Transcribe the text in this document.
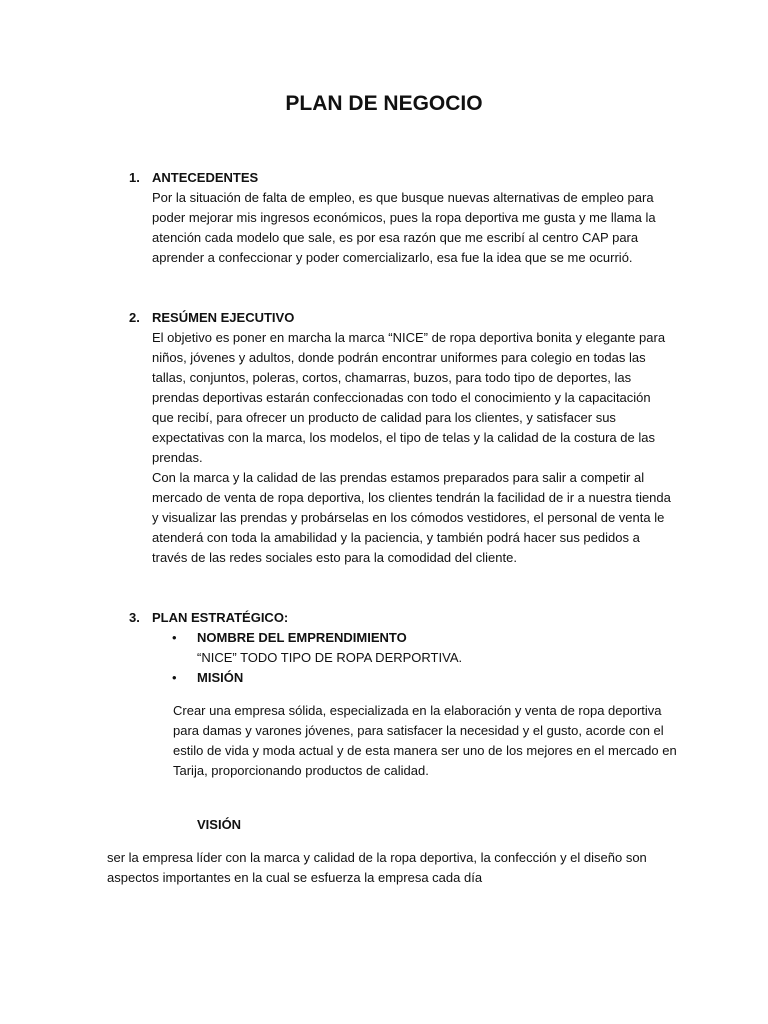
PLAN DE NEGOCIO
1. ANTECEDENTES
Por la situación de falta de empleo, es que busque nuevas alternativas de empleo para
poder mejorar mis ingresos económicos, pues la ropa deportiva me gusta y me llama la
atención cada modelo que sale, es por esa razón que me escribí al centro CAP para
aprender a confeccionar y poder comercializarlo, esa fue la idea que se me ocurrió.
2. RESÚMEN EJECUTIVO
El objetivo es poner en marcha la marca “NICE” de ropa deportiva bonita y elegante para
niños, jóvenes y adultos, donde podrán encontrar uniformes para colegio en todas las
tallas, conjuntos, poleras, cortos, chamarras, buzos, para todo tipo de deportes, las
prendas deportivas estarán confeccionadas con todo el conocimiento y la capacitación
que recibí, para ofrecer un producto de calidad para los clientes, y satisfacer sus
expectativas con la marca, los modelos, el tipo de telas y la calidad de la costura de las
prendas.
Con la marca y la calidad de las prendas estamos preparados para salir a competir al
mercado de venta de ropa deportiva, los clientes tendrán la facilidad de ir a nuestra tienda
y visualizar las prendas y probárselas en los cómodos vestidores, el personal de venta le
atenderá con toda la amabilidad y la paciencia, y también podrá hacer sus pedidos a
través de las redes sociales esto para la comodidad del cliente.
3. PLAN ESTRATÉGICO:
• NOMBRE DEL EMPRENDIMIENTO
“NICE” TODO TIPO DE ROPA DERPORTIVA.
• MISIÓN
Crear una empresa sólida, especializada en la elaboración y venta de ropa deportiva
para damas y varones jóvenes, para satisfacer la necesidad y el gusto, acorde con el
estilo de vida y moda actual y de esta manera ser uno de los mejores en el mercado en
Tarija, proporcionando productos de calidad.
VISIÓN
ser la empresa líder con la marca y calidad de la ropa deportiva, la confección y el diseño son
aspectos importantes en la cual se esfuerza la empresa cada día
